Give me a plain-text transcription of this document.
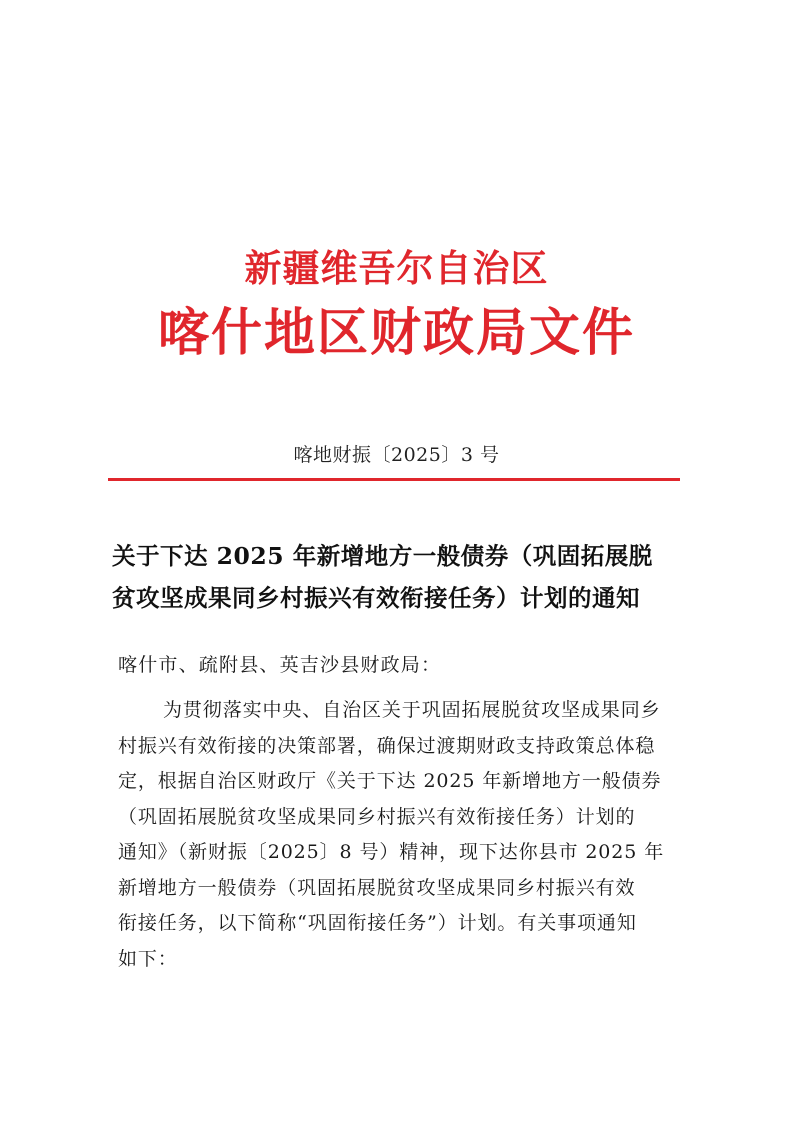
新疆维吾尔自治区
喀什地区财政局文件
喀地财振〔2025〕3 号
关于下达 2025 年新增地方一般债券（巩固拓展脱
贫攻坚成果同乡村振兴有效衔接任务）计划的通知
喀什市、疏附县、英吉沙县财政局：
为贯彻落实中央、自治区关于巩固拓展脱贫攻坚成果同乡
村振兴有效衔接的决策部署，确保过渡期财政支持政策总体稳
定，根据自治区财政厅《关于下达 2025 年新增地方一般债券
（巩固拓展脱贫攻坚成果同乡村振兴有效衔接任务）计划的
通知》（新财振〔2025〕8 号）精神，现下达你县市 2025 年
新增地方一般债券（巩固拓展脱贫攻坚成果同乡村振兴有效
衔接任务，以下简称“巩固衔接任务”）计划。有关事项通知
如下：
